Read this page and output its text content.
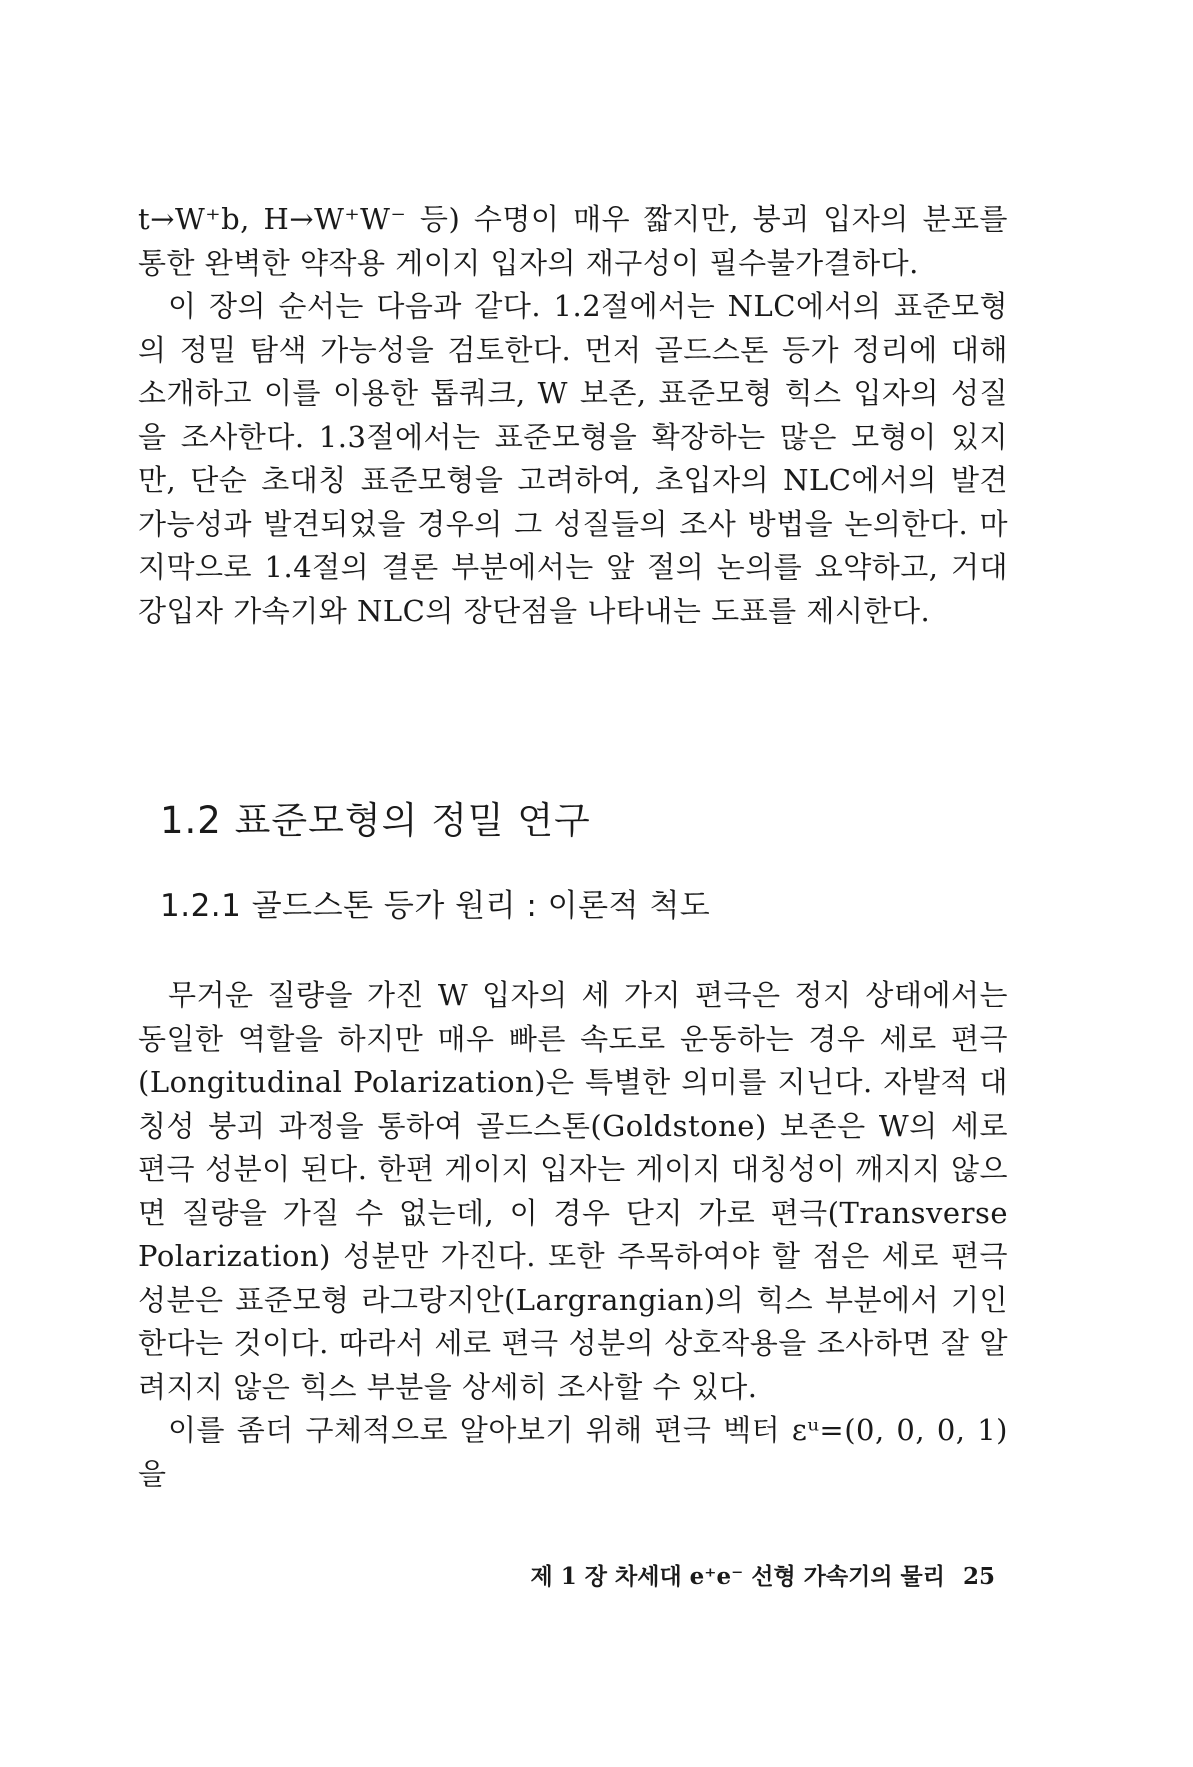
t→W⁺b, H→W⁺W⁻ 등) 수명이 매우 짧지만, 붕괴 입자의 분포를 통한 완벽한 약작용 게이지 입자의 재구성이 필수불가결하다.

이 장의 순서는 다음과 같다. 1.2절에서는 NLC에서의 표준모형의 정밀 탐색 가능성을 검토한다. 먼저 골드스톤 등가 정리에 대해 소개하고 이를 이용한 톱쿼크, W 보존, 표준모형 힉스 입자의 성질을 조사한다. 1.3절에서는 표준모형을 확장하는 많은 모형이 있지만, 단순 초대칭 표준모형을 고려하여, 초입자의 NLC에서의 발견 가능성과 발견되었을 경우의 그 성질들의 조사 방법을 논의한다. 마지막으로 1.4절의 결론 부분에서는 앞 절의 논의를 요약하고, 거대 강입자 가속기와 NLC의 장단점을 나타내는 도표를 제시한다.

1.2 표준모형의 정밀 연구
1.2.1 골드스톤 등가 원리 : 이론적 척도

무거운 질량을 가진 W 입자의 세 가지 편극은 정지 상태에서는 동일한 역할을 하지만 매우 빠른 속도로 운동하는 경우 세로 편극(Longitudinal Polarization)은 특별한 의미를 지닌다. 자발적 대칭성 붕괴 과정을 통하여 골드스톤(Goldstone) 보존은 W의 세로 편극 성분이 된다. 한편 게이지 입자는 게이지 대칭성이 깨지지 않으면 질량을 가질 수 없는데, 이 경우 단지 가로 편극(Transverse Polarization) 성분만 가진다. 또한 주목하여야 할 점은 세로 편극 성분은 표준모형 라그랑지안(Largrangian)의 힉스 부분에서 기인한다는 것이다. 따라서 세로 편극 성분의 상호작용을 조사하면 잘 알려지지 않은 힉스 부분을 상세히 조사할 수 있다.

이를 좀더 구체적으로 알아보기 위해 편극 벡터 εᵘ=(0, 0, 0, 1)을

제 1 장 차세대 e⁺e⁻ 선형 가속기의 물리 25
